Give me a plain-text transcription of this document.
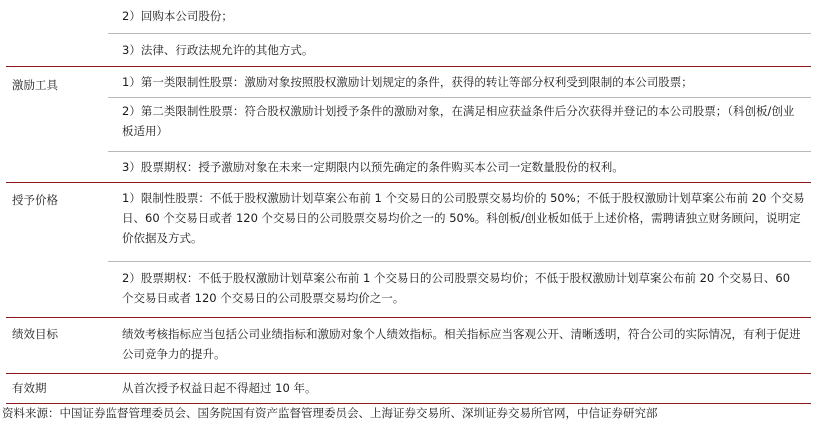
2）回购本公司股份；
3）法律、行政法规允许的其他方式。
激励工具	1）第一类限制性股票：激励对象按照股权激励计划规定的条件，获得的转让等部分权利受到限制的本公司股票；
2）第二类限制性股票：符合股权激励计划授予条件的激励对象，在满足相应获益条件后分次获得并登记的本公司股票；（科创板/创业板适用）
3）股票期权：授予激励对象在未来一定期限内以预先确定的条件购买本公司一定数量股份的权利。
授予价格	1）限制性股票：不低于股权激励计划草案公布前 1 个交易日的公司股票交易均价的 50%；不低于股权激励计划草案公布前 20 个交易日、60 个交易日或者 120 个交易日的公司股票交易均价之一的 50%。科创板/创业板如低于上述价格，需聘请独立财务顾问，说明定价依据及方式。
2）股票期权：不低于股权激励计划草案公布前 1 个交易日的公司股票交易均价；不低于股权激励计划草案公布前 20 个交易日、60 个交易日或者 120 个交易日的公司股票交易均价之一。
绩效目标	绩效考核指标应当包括公司业绩指标和激励对象个人绩效指标。相关指标应当客观公开、清晰透明，符合公司的实际情况，有利于促进公司竞争力的提升。
有效期	从首次授予权益日起不得超过 10 年。
资料来源：中国证券监督管理委员会、国务院国有资产监督管理委员会、上海证券交易所、深圳证券交易所官网，中信证券研究部
